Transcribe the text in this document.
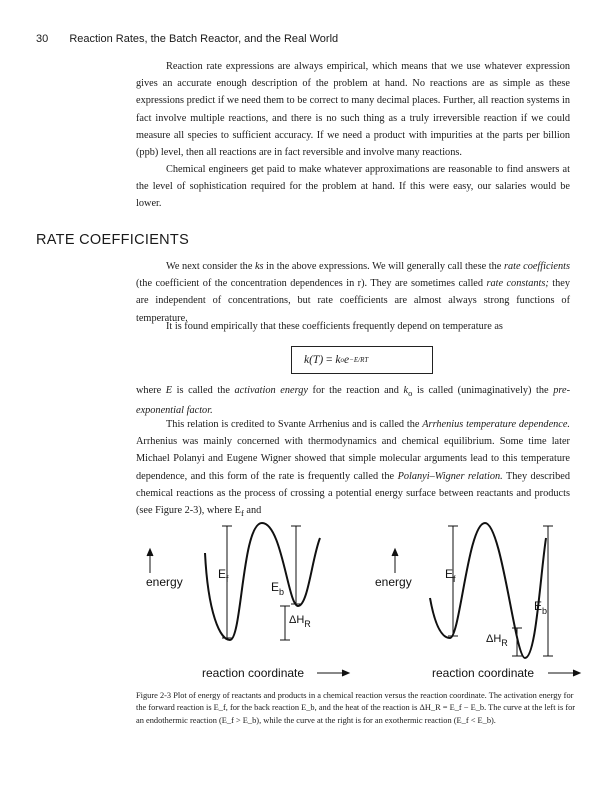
30 Reaction Rates, the Batch Reactor, and the Real World

Reaction rate expressions are always empirical, which means that we use whatever expression gives an accurate enough description of the problem at hand. No reactions are as simple as these expressions predict if we need them to be correct to many decimal places. Further, all reaction systems in fact involve multiple reactions, and there is no such thing as a truly irreversible reaction if we could measure all species to sufficient accuracy. If we need a product with impurities at the parts per billion (ppb) level, then all reactions are in fact reversible and involve many reactions.

Chemical engineers get paid to make whatever approximations are reasonable to find answers at the level of sophistication required for the problem at hand. If this were easy, our salaries would be lower.

RATE COEFFICIENTS

We next consider the ks in the above expressions. We will generally call these the rate coefficients (the coefficient of the concentration dependences in r). They are sometimes called rate constants; they are independent of concentrations, but rate coefficients are almost always strong functions of temperature.

It is found empirically that these coefficients frequently depend on temperature as

k(T)
=
k o e −E/RT

where E is called the activation energy for the reaction and $k_o$ is called (unimaginatively) the pre-exponential factor.

This relation is credited to Svante Arrhenius and is called the Arrhenius temperature dependence. Arrhenius was mainly concerned with thermodynamics and chemical equilibrium. Some time later Michael Polanyi and Eugene Wigner showed that simple molecular arguments lead to this temperature dependence, and this form of the rate is frequently called the Polanyi–Wigner relation. They described chemical reactions as the process of crossing a potential energy surface between reactants and products (see Figure 2-3), where $E_f$ and

energy
$E_f$
$E_b$
$\Delta H_R$
reaction coordinate
energy
$E_f$
$E_b$
$\Delta H_R$
reaction coordinate

Figure 2-3 Plot of energy of reactants and products in a chemical reaction versus the reaction coordinate. The activation energy for the forward reaction is E_f, for the back reaction E_b, and the heat of the reaction is ΔH_R = E_f − E_b. The curve at the left is for an endothermic reaction (E_f > E_b), while the curve at the right is for an exothermic reaction (E_f < E_b).
